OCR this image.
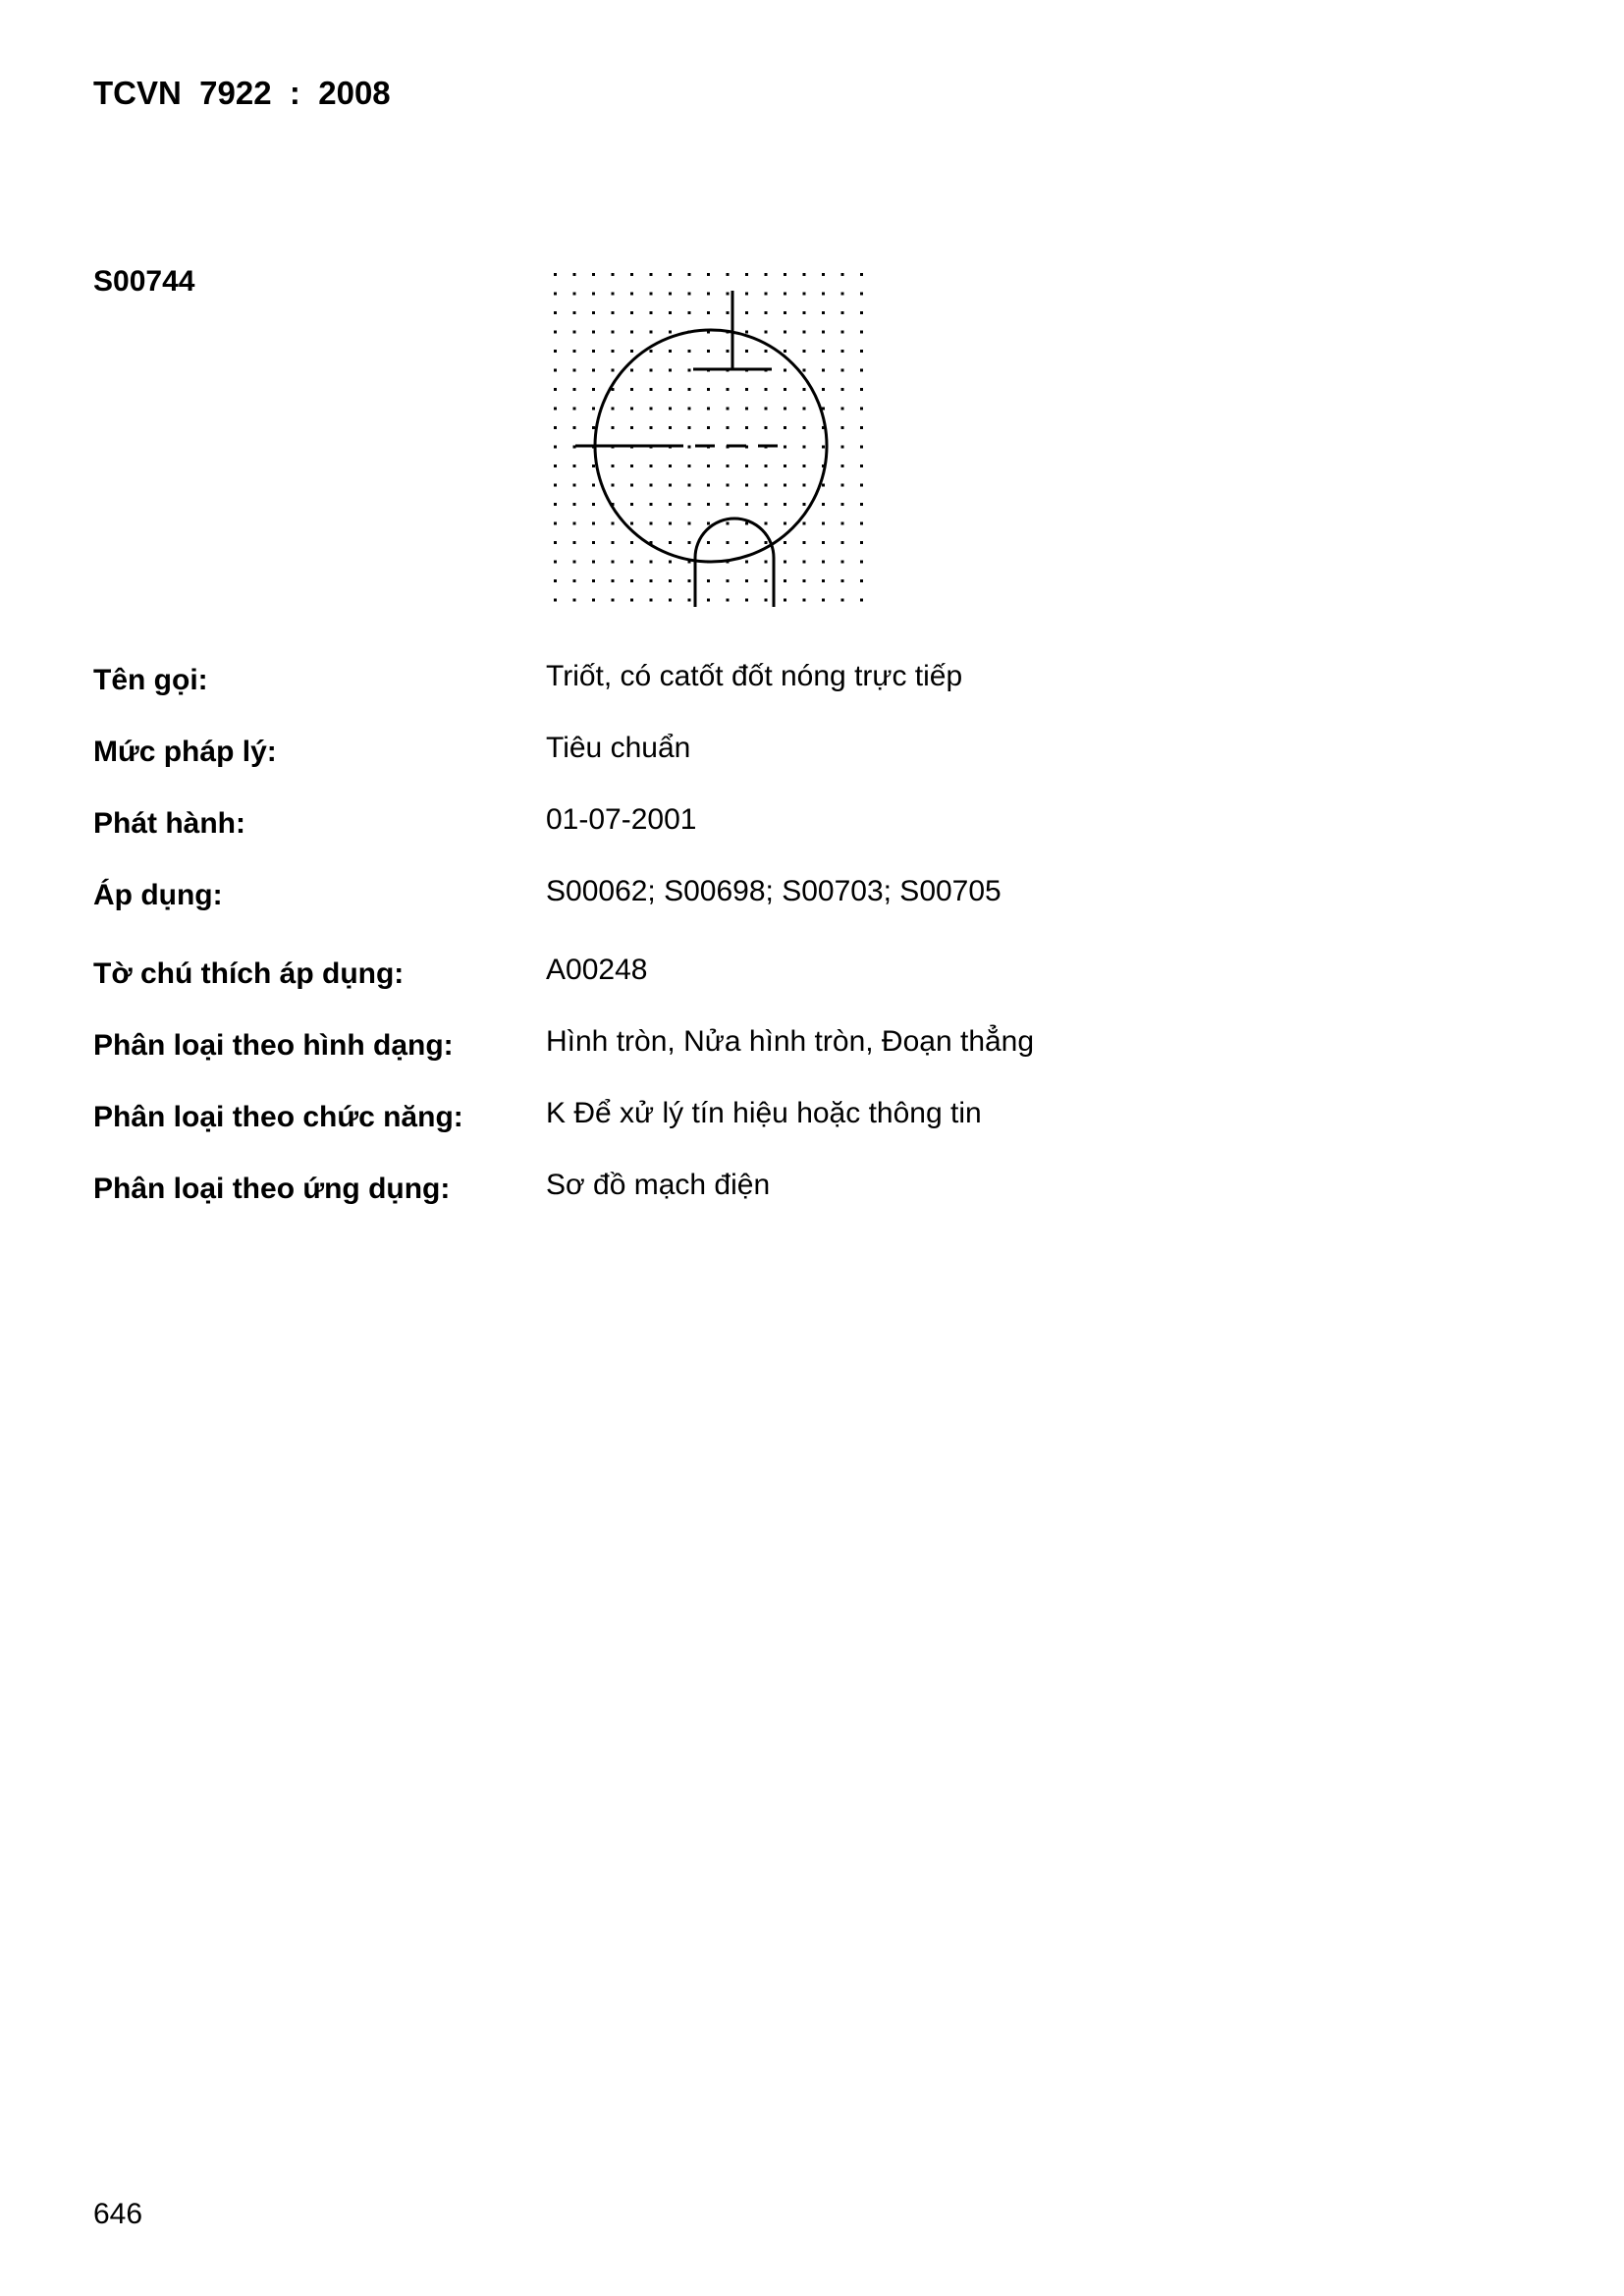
TCVN  7922  :  2008
S00744
Tên gọi:	Triốt, có catốt đốt nóng trực tiếp
Mức pháp lý:	Tiêu chuẩn
Phát hành:	01-07-2001
Áp dụng:	S00062; S00698; S00703; S00705
Tờ chú thích áp dụng:	A00248
Phân loại theo hình dạng:	Hình tròn, Nửa hình tròn, Đoạn thẳng
Phân loại theo chức năng:	K Để xử lý tín hiệu hoặc thông tin
Phân loại theo ứng dụng:	Sơ đồ mạch điện
646
